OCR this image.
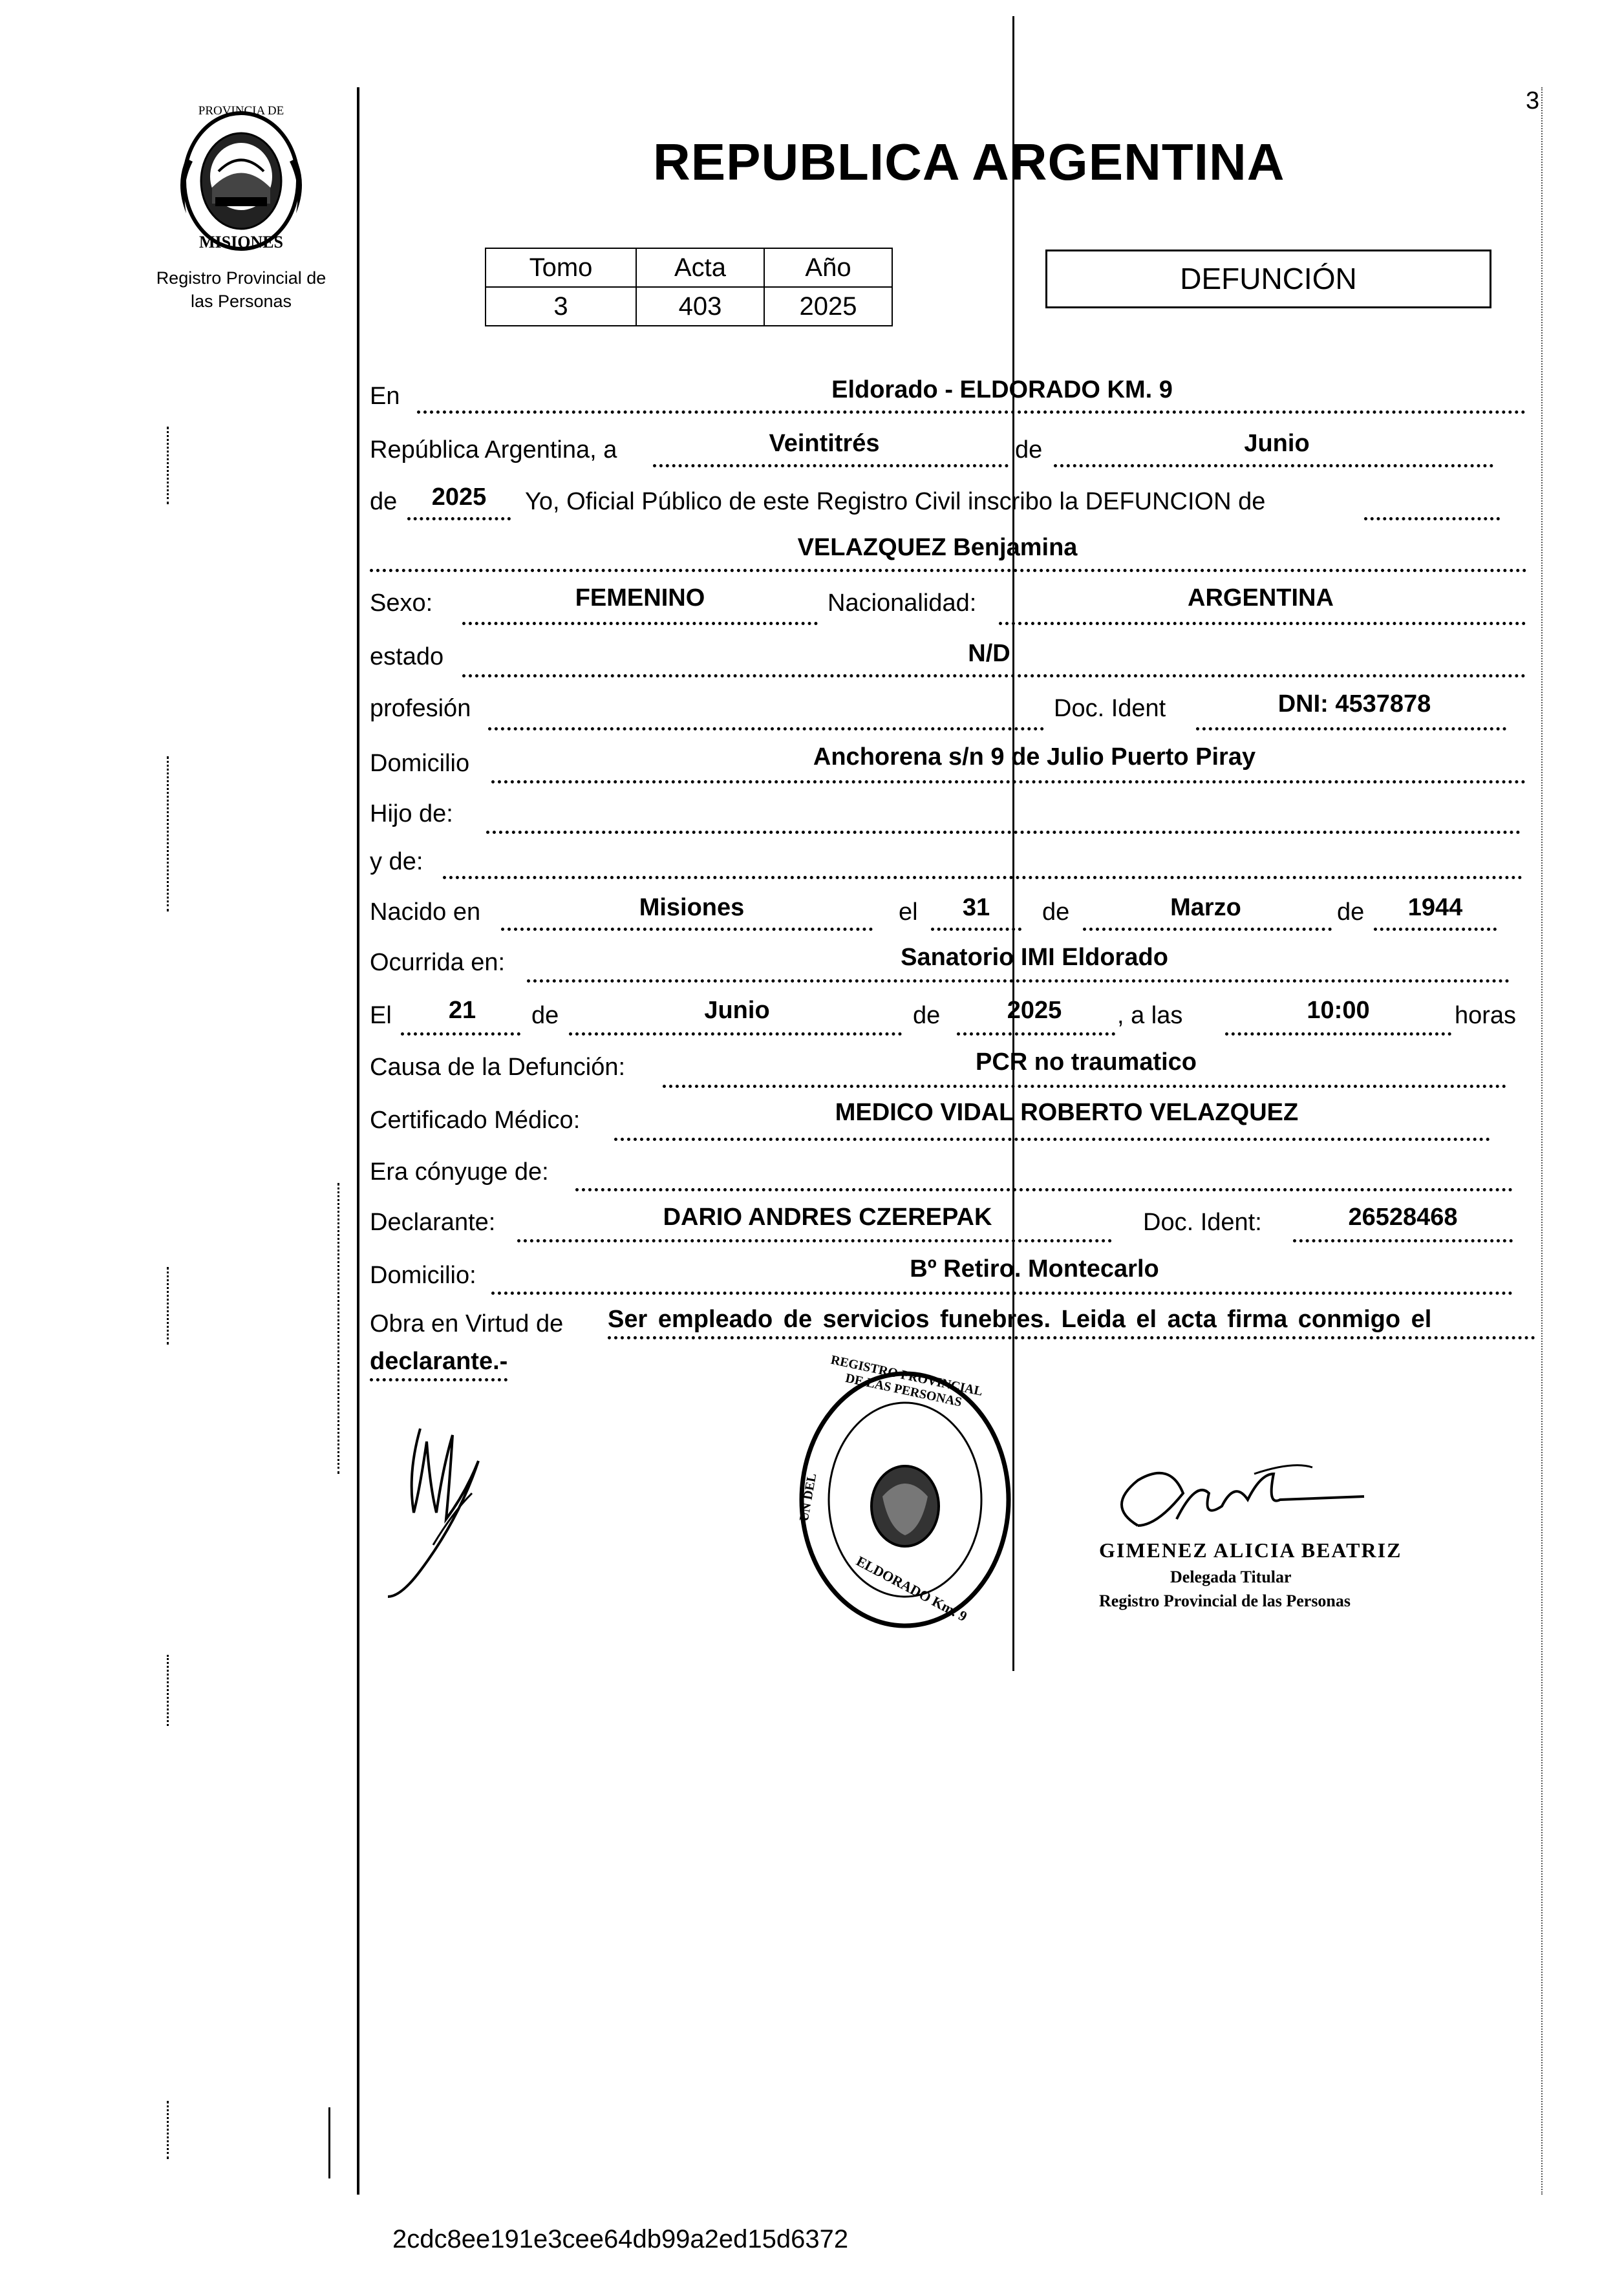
PROVINCIA DE
MISIONES
Registro Provincial de
las Personas
3
REPUBLICA ARGENTINA
Tomo	Acta	Año
3	403	2025
DEFUNCIÓN
En	Eldorado - ELDORADO KM. 9
República Argentina, a	Veintitrés	de	Junio
de	2025	Yo, Oficial Público de este Registro Civil inscribo la DEFUNCION de
VELAZQUEZ Benjamina
Sexo:	FEMENINO	Nacionalidad:	ARGENTINA
estado	N/D
profesión	Doc. Ident	DNI: 4537878
Domicilio	Anchorena s/n 9 de Julio Puerto Piray
Hijo de:
y de:
Nacido en	Misiones	el	31	de	Marzo	de	1944
Ocurrida en:	Sanatorio IMI Eldorado
El	21	de	Junio	de	2025	, a las	10:00	horas
Causa de la Defunción:	PCR no traumatico
Certificado Médico:	MEDICO VIDAL ROBERTO VELAZQUEZ
Era cónyuge de:
Declarante:	DARIO ANDRES CZEREPAK	Doc. Ident:	26528468
Domicilio:	Bº Retiro. Montecarlo
Obra en Virtud de Ser empleado de servicios funebres. Leida el acta firma conmigo el
declarante.-	REGISTRO PROVINCIAL DE LAS PERSONAS
UN DEL
ELDORADO Km. 9
GIMENEZ ALICIA BEATRIZ
Delegada Titular
Registro Provincial de las Personas
2cdc8ee191e3cee64db99a2ed15d6372
